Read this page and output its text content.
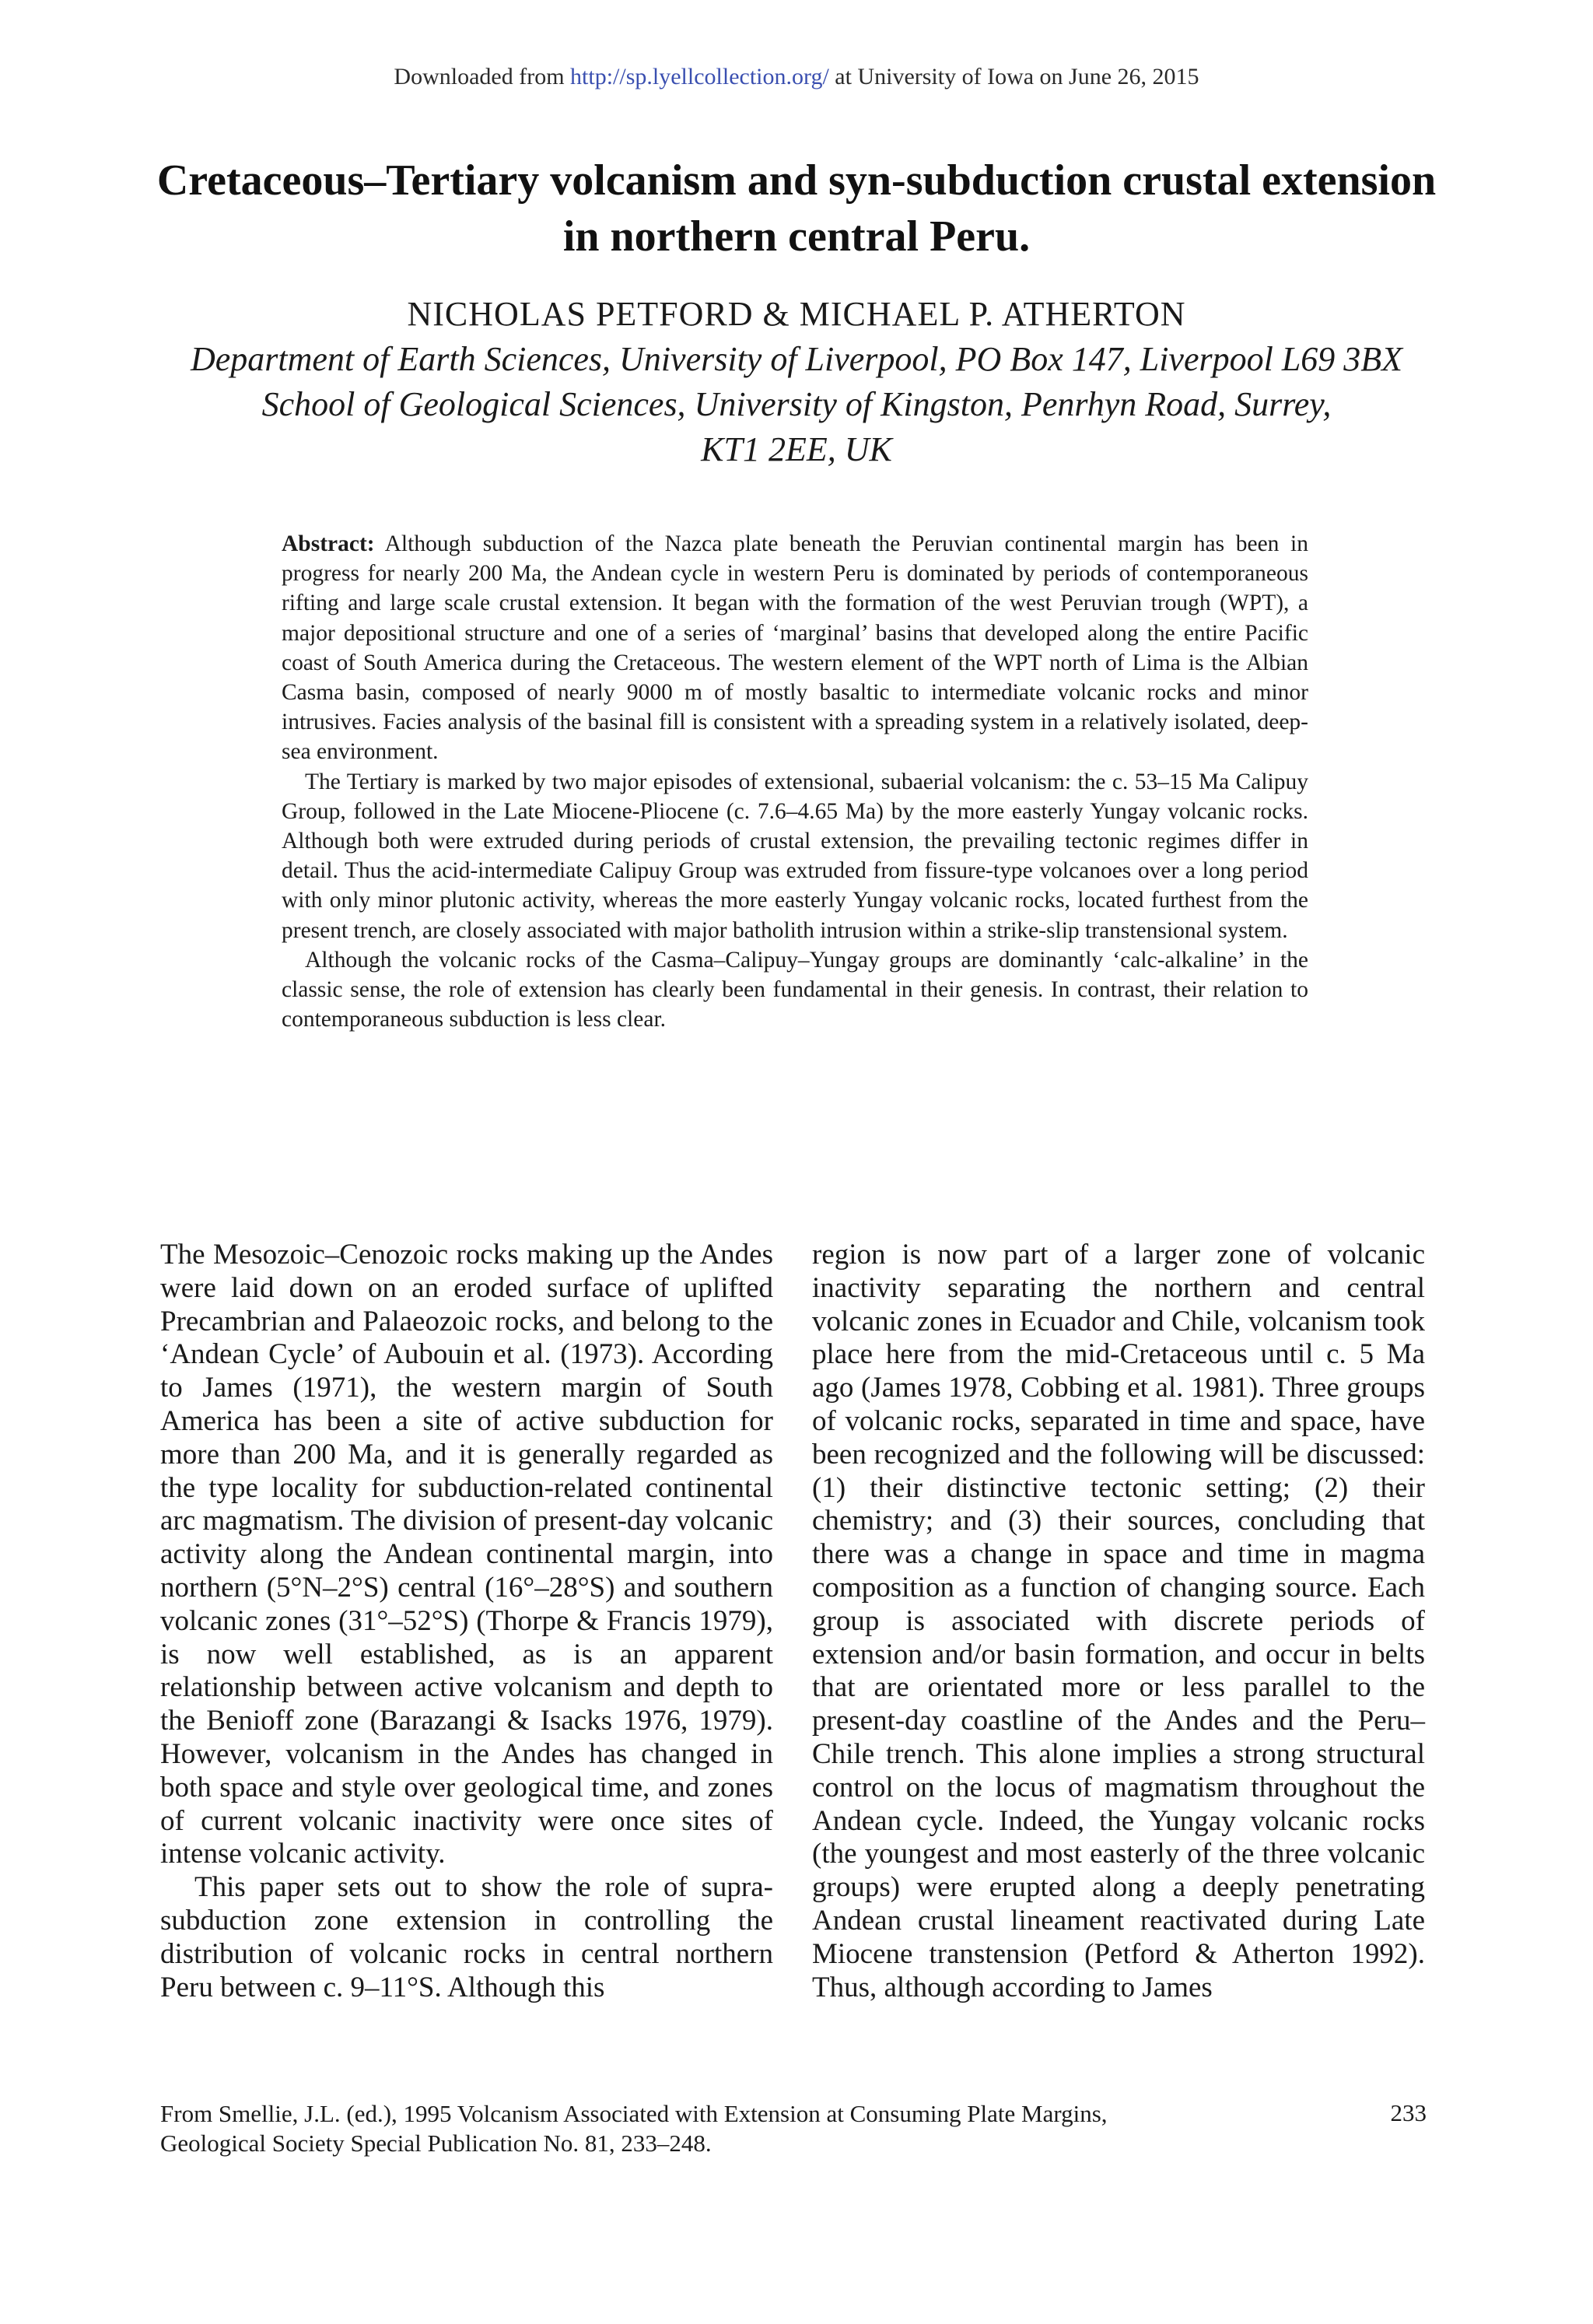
Downloaded from http://sp.lyellcollection.org/ at University of Iowa on June 26, 2015
Cretaceous–Tertiary volcanism and syn-subduction crustal extension
in northern central Peru.
NICHOLAS PETFORD & MICHAEL P. ATHERTON
Department of Earth Sciences, University of Liverpool, PO Box 147, Liverpool L69 3BX
School of Geological Sciences, University of Kingston, Penrhyn Road, Surrey,
KT1 2EE, UK

Abstract: Although subduction of the Nazca plate beneath the Peruvian continental margin has been in progress for nearly 200 Ma, the Andean cycle in western Peru is dominated by periods of contemporaneous rifting and large scale crustal extension. It began with the formation of the west Peruvian trough (WPT), a major depositional structure and one of a series of ‘marginal’ basins that developed along the entire Pacific coast of South America during the Cretaceous. The western element of the WPT north of Lima is the Albian Casma basin, composed of nearly 9000 m of mostly basaltic to intermediate volcanic rocks and minor intrusives. Facies analysis of the basinal fill is consistent with a spreading system in a relatively isolated, deep-sea environment.

The Tertiary is marked by two major episodes of extensional, subaerial volcanism: the c. 53–15 Ma Calipuy Group, followed in the Late Miocene-Pliocene (c. 7.6–4.65 Ma) by the more easterly Yungay volcanic rocks. Although both were extruded during periods of crustal extension, the prevailing tectonic regimes differ in detail. Thus the acid-intermediate Calipuy Group was extruded from fissure-type volcanoes over a long period with only minor plutonic activity, whereas the more easterly Yungay volcanic rocks, located furthest from the present trench, are closely associated with major batholith intrusion within a strike-slip transtensional system.

Although the volcanic rocks of the Casma–Calipuy–Yungay groups are dominantly ‘calc-alkaline’ in the classic sense, the role of extension has clearly been fundamental in their genesis. In contrast, their relation to contemporaneous subduction is less clear.

The Mesozoic–Cenozoic rocks making up the Andes were laid down on an eroded surface of uplifted Precambrian and Palaeozoic rocks, and belong to the ‘Andean Cycle’ of Aubouin et al. (1973). According to James (1971), the western margin of South America has been a site of active subduction for more than 200 Ma, and it is generally regarded as the type locality for subduction-related continental arc magmatism. The division of present-day volcanic activity along the Andean continental margin, into northern (5°N–2°S) central (16°–28°S) and southern volcanic zones (31°–52°S) (Thorpe & Francis 1979), is now well established, as is an apparent relationship between active volcanism and depth to the Benioff zone (Barazangi & Isacks 1976, 1979). However, volcanism in the Andes has changed in both space and style over geological time, and zones of current volcanic inactivity were once sites of intense volcanic activity.

This paper sets out to show the role of supra-subduction zone extension in controlling the distribution of volcanic rocks in central northern Peru between c. 9–11°S. Although this

region is now part of a larger zone of volcanic inactivity separating the northern and central volcanic zones in Ecuador and Chile, volcanism took place here from the mid-Cretaceous until c. 5 Ma ago (James 1978, Cobbing et al. 1981). Three groups of volcanic rocks, separated in time and space, have been recognized and the following will be discussed: (1) their distinctive tectonic setting; (2) their chemistry; and (3) their sources, concluding that there was a change in space and time in magma composition as a function of changing source. Each group is associated with discrete periods of extension and/or basin formation, and occur in belts that are orientated more or less parallel to the present-day coastline of the Andes and the Peru–Chile trench. This alone implies a strong structural control on the locus of magmatism throughout the Andean cycle. Indeed, the Yungay volcanic rocks (the youngest and most easterly of the three volcanic groups) were erupted along a deeply penetrating Andean crustal lineament reactivated during Late Miocene transtension (Petford & Atherton 1992). Thus, although according to James

From Smellie, J.L. (ed.), 1995 Volcanism Associated with Extension at Consuming Plate Margins,

Geological Society Special Publication No. 81, 233–248.

233
